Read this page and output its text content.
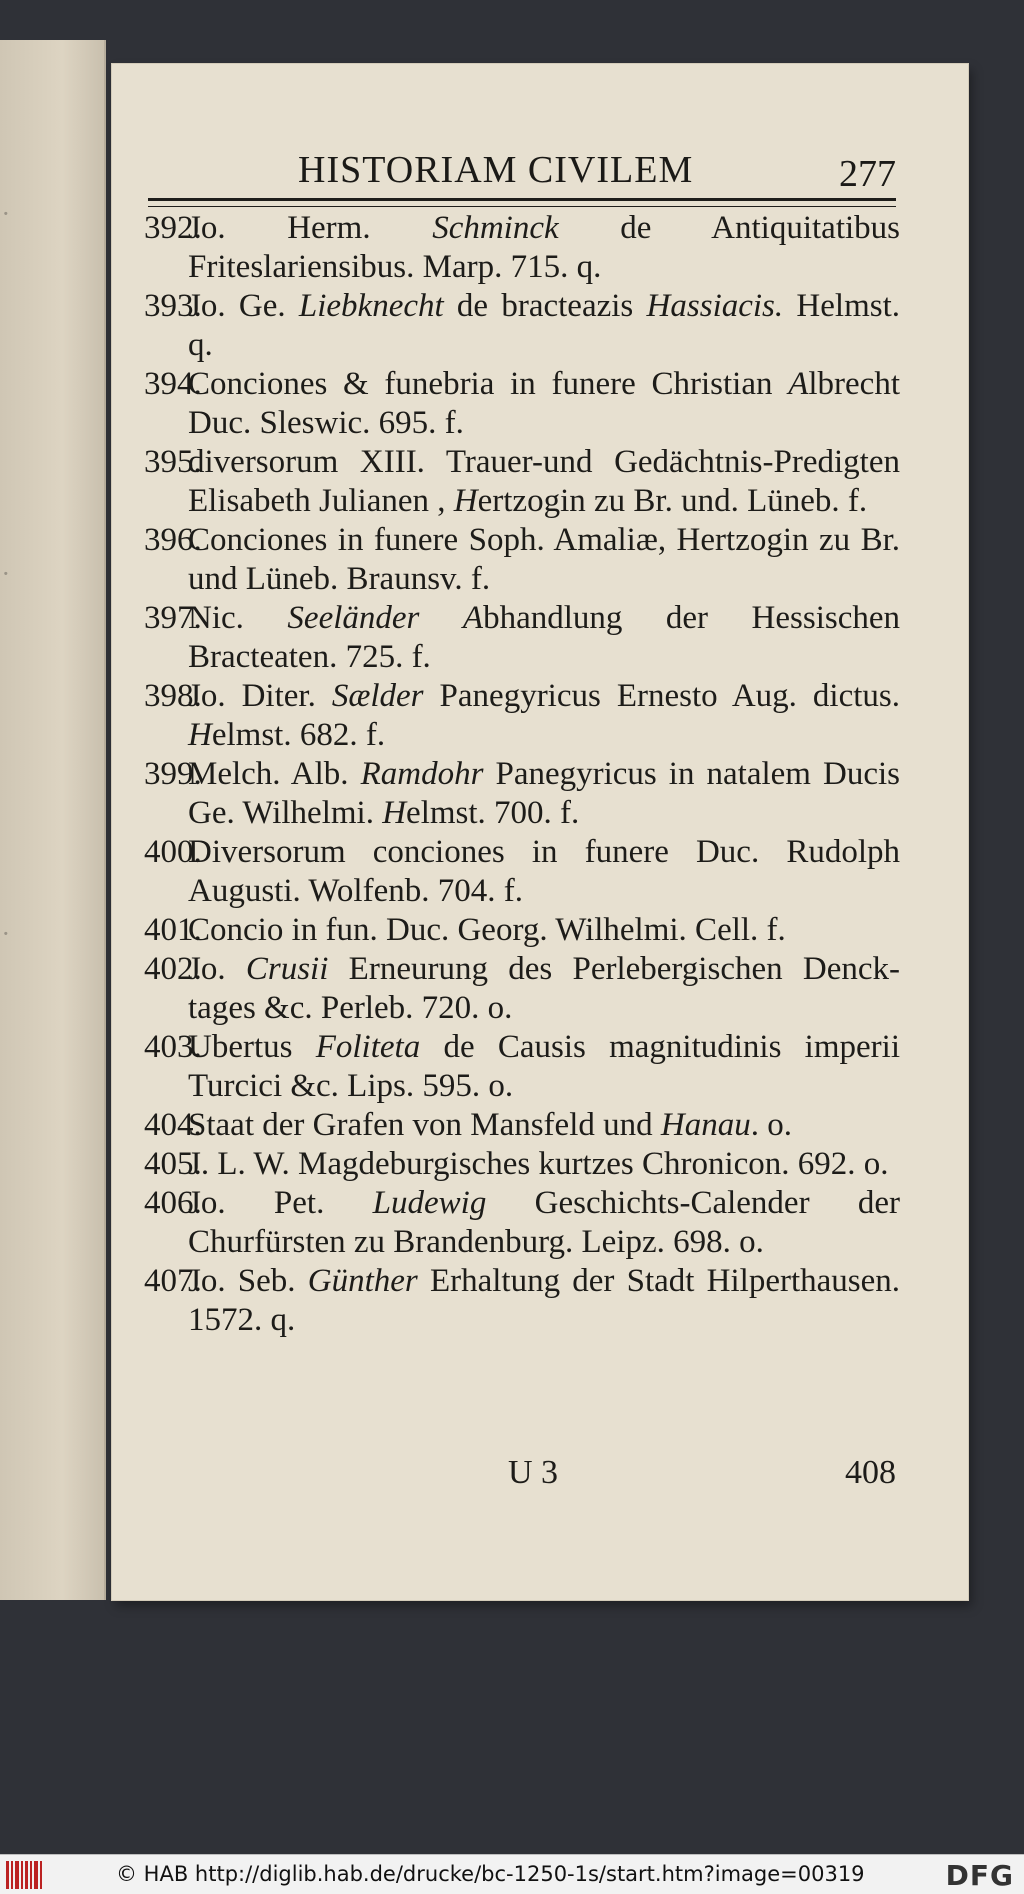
·
·
·
HISTORIAM CIVILEM	277
392.
Jo. Herm. Schminck de Antiquitatibus Friteslariensibus. Marp. 715. q.
393.
Jo. Ge. Liebknecht de bracteazis Hassiacis. Helmst. q.
394.
Conciones & funebria in funere Christian Albrecht Duc. Sleswic. 695. f.
395.
diversorum XIII. Trauer-und Gedächtnis-Predigten Elisabeth Julianen , Hertzogin zu Br. und. Lüneb. f.
396.
Conciones in funere Soph. Amaliæ, Hertzogin zu Br. und Lüneb. Braunsv. f.
397.
Nic. Seeländer Abhandlung der Hessischen Bracteaten. 725. f.
398.
Jo. Diter. Sælder Panegyricus Ernesto Aug. dictus. Helmst. 682. f.
399.
Melch. Alb. Ramdohr Panegyricus in natalem Ducis Ge. Wilhelmi. Helmst. 700. f.
400.
Diversorum conciones in funere Duc. Rudolph Augusti. Wolfenb. 704. f.
401.
Concio in fun. Duc. Georg. Wilhelmi. Cell. f.
402.
Jo. Crusii Erneurung des Perlebergischen Denck-tages &c. Perleb. 720. o.
403.
Ubertus Foliteta de Causis magnitudinis imperii Turcici &c. Lips. 595. o.
404.
Staat der Grafen von Mansfeld und Hanau. o.
405.
J. L. W. Magdeburgisches kurtzes Chronicon. 692. o.
406.
Jo. Pet. Ludewig Geschichts-Calender der Churfürsten zu Brandenburg. Leipz. 698. o.
407.
Jo. Seb. Günther Erhaltung der Stadt Hilperthausen. 1572. q.
U 3	408
© HAB http://diglib.hab.de/drucke/bc-1250-1s/start.htm?image=00319	DFG
